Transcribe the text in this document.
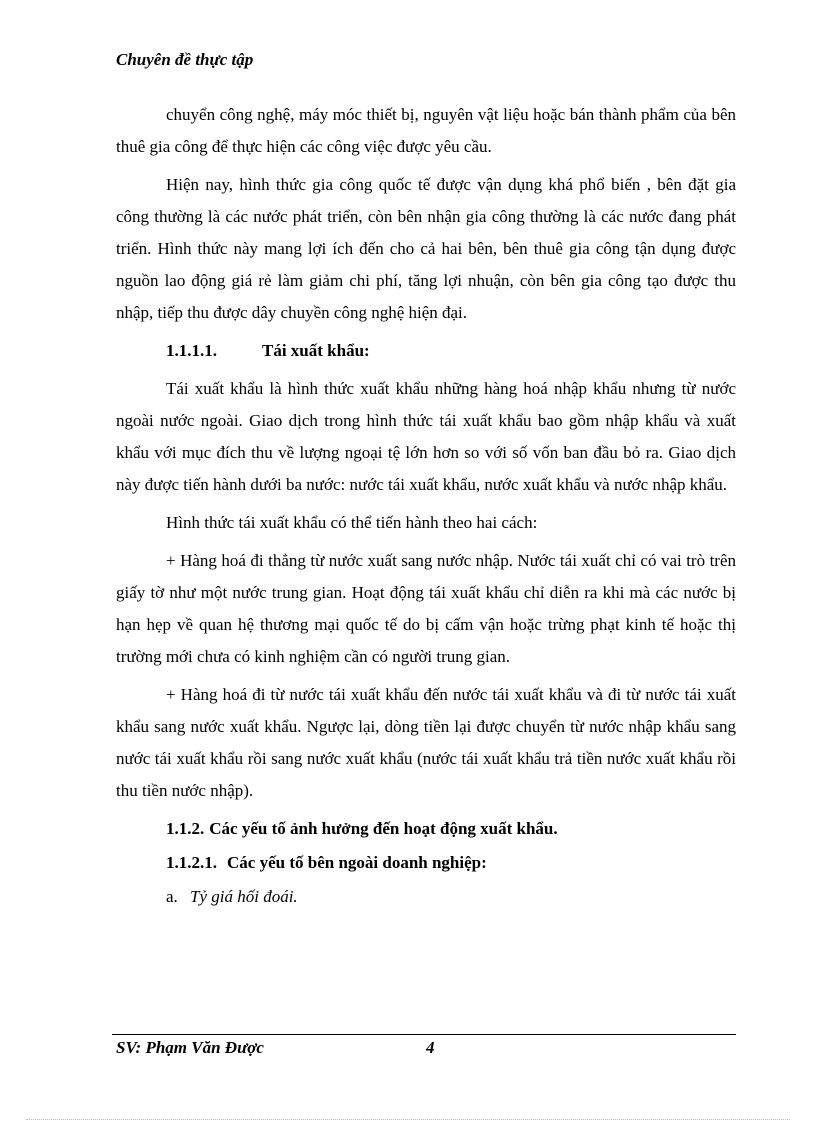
Chuyên đề thực tập

chuyển công nghệ, máy móc thiết bị, nguyên vật liệu hoặc bán thành phẩm của bên thuê gia công để thực hiện các công việc được yêu cầu.

Hiện nay, hình thức gia công quốc tế được vận dụng khá phổ biến , bên đặt gia công thường là các nước phát triển, còn bên nhận gia công thường là các nước đang phát triển. Hình thức này mang lợi ích đến cho cả hai bên, bên thuê gia công tận dụng được nguồn lao động giá rẻ làm giảm chi phí, tăng lợi nhuận, còn bên gia công tạo được thu nhập, tiếp thu được dây chuyền công nghệ hiện đại.

1.1.1.1.	Tái xuất khẩu:

Tái xuất khẩu là hình thức xuất khẩu những hàng hoá nhập khẩu nhưng từ nước ngoài nước ngoài. Giao dịch trong hình thức tái xuất khẩu bao gồm nhập khẩu và xuất khẩu với mục đích thu về lượng ngoại tệ lớn hơn so với số vốn ban đầu bỏ ra. Giao dịch này được tiến hành dưới ba nước: nước tái xuất khẩu, nước xuất khẩu và nước nhập khẩu.

Hình thức tái xuất khẩu có thể tiến hành theo hai cách:

+ Hàng hoá đi thẳng từ nước xuất sang nước nhập. Nước tái xuất chỉ có vai trò trên giấy tờ như một nước trung gian. Hoạt động tái xuất khẩu chỉ diễn ra khi mà các nước bị hạn hẹp về quan hệ thương mại quốc tế do bị cấm vận hoặc trừng phạt kinh tế hoặc thị trường mới chưa có kinh nghiệm cần có người trung gian.

+ Hàng hoá đi từ nước tái xuất khẩu đến nước tái xuất khẩu và đi từ nước tái xuất khẩu sang nước xuất khẩu. Ngược lại, dòng tiền lại được chuyển từ nước nhập khẩu sang nước tái xuất khẩu rồi sang nước xuất khẩu (nước tái xuất khẩu trả tiền nước xuất khẩu rồi thu tiền nước nhập).

1.1.2. Các yếu tố ảnh hưởng đến hoạt động xuất khẩu.
1.1.2.1. Các yếu tố bên ngoài doanh nghiệp:
a. Tỷ giá hối đoái.
SV: Phạm Văn Được	4
